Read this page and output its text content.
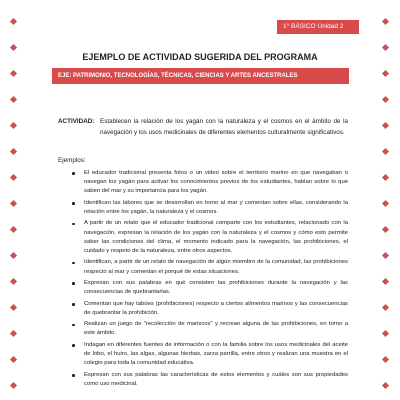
1° BÁSICO Unidad 2
EJEMPLO DE ACTIVIDAD SUGERIDA DEL PROGRAMA
EJE: PATRIMONIO, TECNOLOGÍAS, TÉCNICAS, CIENCIAS Y ARTES ANCESTRALES
ACTIVIDAD: Establecen la relación de los yagán con la naturaleza y el cosmos en el ámbito de la navegación y los usos medicinales de diferentes elementos culturalmente significativos.
Ejemplos:
El educador tradicional presenta fotos o un video sobre el territorio marino en que navegaban o navegan los yagán para activar los conocimientos previos de los estudiantes, hablan sobre lo que saben del mar y su importancia para los yagán.
Identifican las labores que se desarrollan en torno al mar y comentan sobre ellas, considerando la relación entre los yagán, la naturaleza y el cosmos.
A partir de un relato que el educador tradicional comparte con los estudiantes, relacionado con la navegación, expresan la relación de los yagán con la naturaleza y el cosmos y cómo esto permite saber las condiciones del clima, el momento indicado para la navegación, las prohibiciones, el cuidado y respeto de la naturaleza, entre otros aspectos.
Identifican, a partir de un relato de navegación de algún miembro de la comunidad, las prohibiciones respecto al mar y comentan el porqué de estas situaciones.
Expresan con sus palabras en qué consisten las prohibiciones durante la navegación y las consecuencias de quebrantarlas.
Comentan que hay tabúes (prohibiciones) respecto a ciertos alimentos marinos y las consecuencias de quebrantar la prohibición.
Realizan un juego de "recolección de mariscos" y recrean alguna de las prohibiciones, en torno a este ámbito.
Indagan en diferentes fuentes de información o con la familia sobre los usos medicinales del aceite de lobo, el huiro, las algas, algunas hierbas, zarza parrilla, entre otros y realizan una muestra en el colegio para toda la comunidad educativa.
Expresan con sus palabras las características de estos elementos y cuáles son sus propiedades como uso medicinal.
